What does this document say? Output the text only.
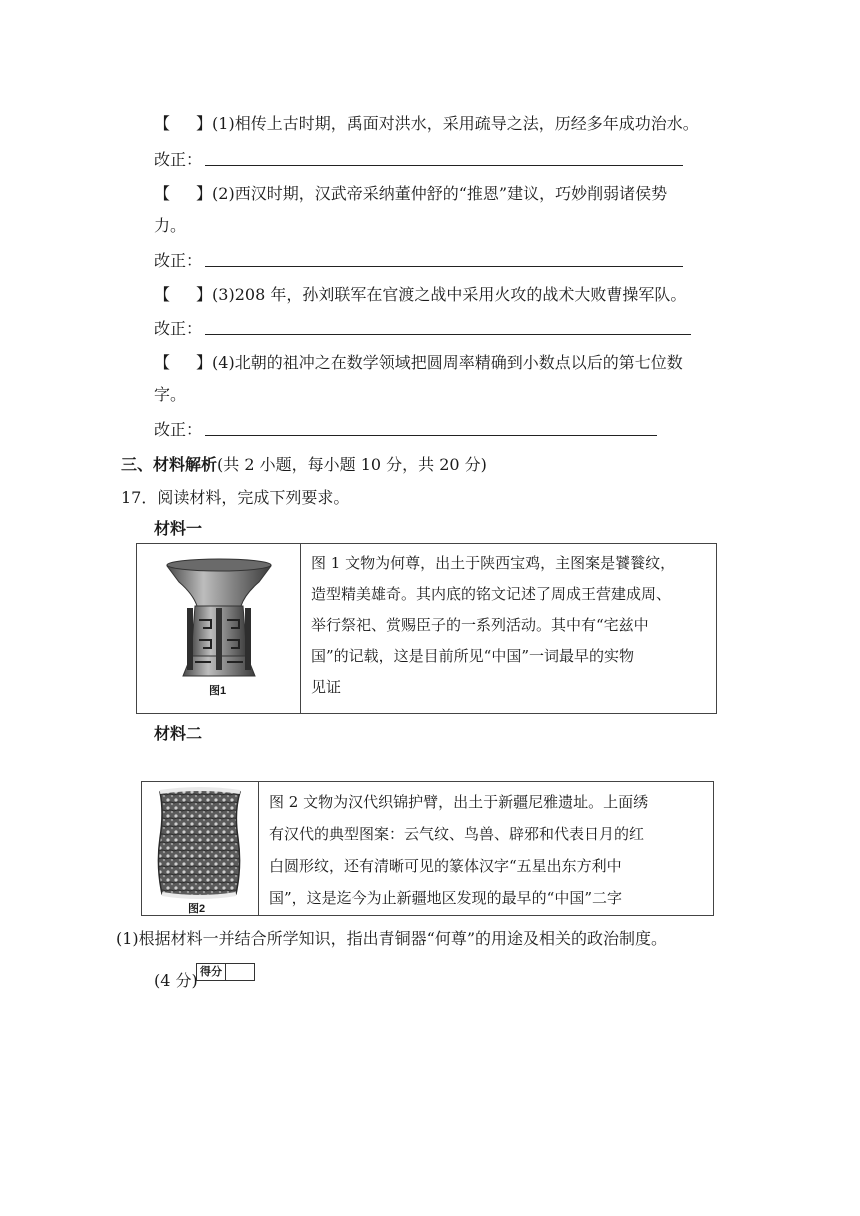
【 】(1)相传上古时期，禹面对洪水，采用疏导之法，历经多年成功治水。
改正：
【 】(2)西汉时期，汉武帝采纳董仲舒的“推恩”建议，巧妙削弱诸侯势
力。
改正：
【 】(3)208 年，孙刘联军在官渡之战中采用火攻的战术大败曹操军队。
改正：
【 】(4)北朝的祖冲之在数学领域把圆周率精确到小数点以后的第七位数
字。
改正：
三、材料解析(共 2 小题，每小题 10 分，共 20 分)
17．阅读材料，完成下列要求。
材料一
图1

图 1 文物为何尊，出土于陕西宝鸡，主图案是饕餮纹，
造型精美雄奇。其内底的铭文记述了周成王营建成周、
举行祭祀、赏赐臣子的一系列活动。其中有“宅兹中
国”的记载，这是目前所见“中国”一词最早的实物
见证
材料二
图2

图 2 文物为汉代织锦护臂，出土于新疆尼雅遗址。上面绣
有汉代的典型图案：云气纹、鸟兽、辟邪和代表日月的红
白圆形纹，还有清晰可见的篆体汉字“五星出东方利中
国”，这是迄今为止新疆地区发现的最早的“中国”二字
(1)根据材料一并结合所学知识，指出青铜器“何尊”的用途及相关的政治制度。
(4 分) 得分
